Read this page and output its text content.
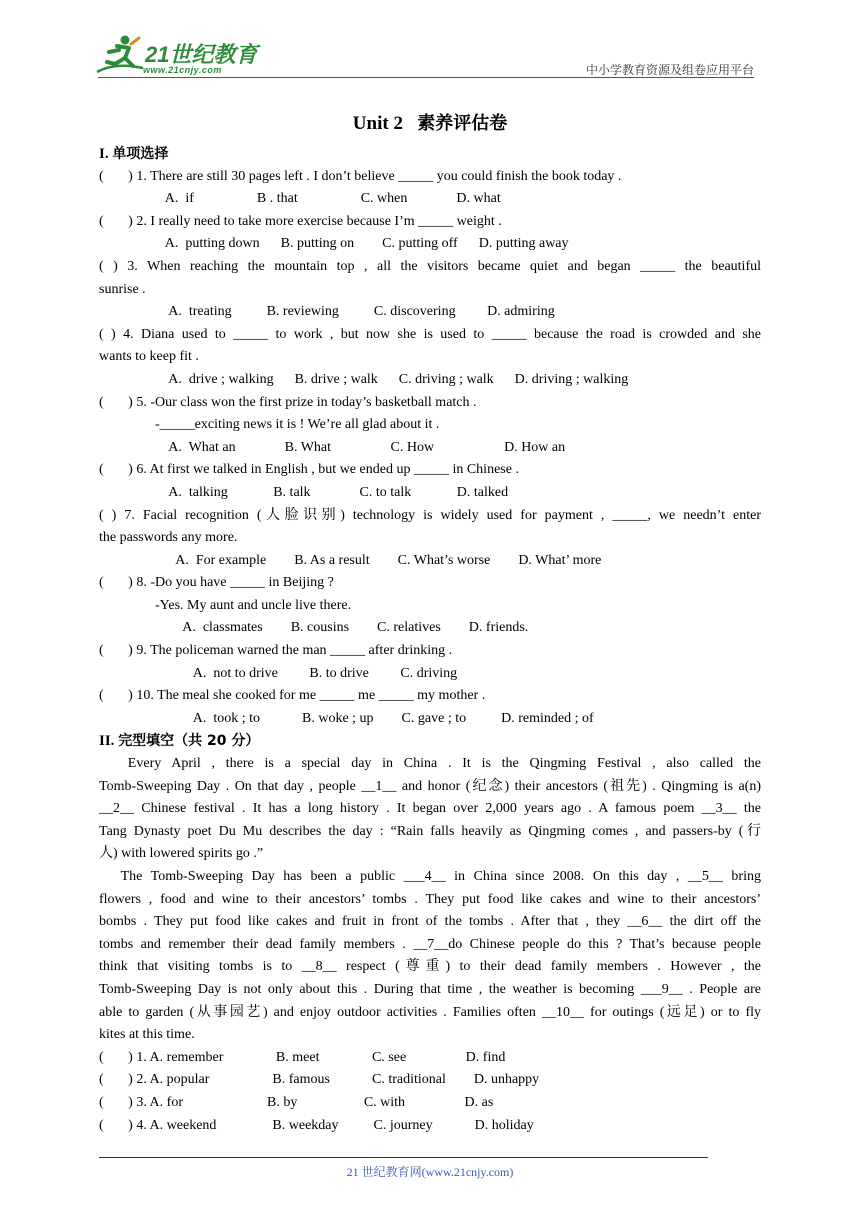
21世纪教育
www.21cnjy.com	中小学教育资源及组卷应用平台
Unit 2 素养评估卷
I. 单项选择
(       ) 1. There are still 30 pages left . I don’t believe _____ you could finish the book today .
A.  if                  B . that                  C. when              D. what
(       ) 2. I really need to take more exercise because I’m _____ weight .
A.  putting down      B. putting on        C. putting off      D. putting away
( ) 3. When reaching the mountain top , all the visitors became quiet and began _____ the beautiful
sunrise .
A.  treating          B. reviewing          C. discovering         D. admiring
( ) 4. Diana used to _____ to work , but now she is used to _____ because the road is crowded and she
wants to keep fit .
A.  drive ; walking      B. drive ; walk      C. driving ; walk      D. driving ; walking
(       ) 5. -Our class won the first prize in today’s basketball match .
-_____exciting news it is ! We’re all glad about it .
A.  What an              B. What                 C. How                    D. How an
(       ) 6. At first we talked in English , but we ended up _____ in Chinese .
A.  talking             B. talk              C. to talk             D. talked
( ) 7. Facial recognition (人脸识别) technology is widely used for payment , _____, we needn’t enter
the passwords any more.
A.  For example        B. As a result        C. What’s worse        D. What’ more
(       ) 8. -Do you have _____ in Beijing ?
-Yes. My aunt and uncle live there.
A.  classmates        B. cousins        C. relatives        D. friends.
(       ) 9. The policeman warned the man _____ after drinking .
A.  not to drive         B. to drive         C. driving
(       ) 10. The meal she cooked for me _____ me _____ my mother .
A.  took ; to            B. woke ; up        C. gave ; to          D. reminded ; of
II. 完型填空（共 20 分）
Every April , there is a special day in China . It is the Qingming Festival , also called the
Tomb-Sweeping Day . On that day , people __1__ and honor (纪念) their ancestors (祖先) . Qingming is a(n)
__2__ Chinese festival . It has a long history . It began over 2,000 years ago . A famous poem __3__ the
Tang Dynasty poet Du Mu describes the day : “Rain falls heavily as Qingming comes , and passers-by (行
人) with lowered spirits go .”
The Tomb-Sweeping Day has been a public ___4__ in China since 2008. On this day , __5__ bring
flowers , food and wine to their ancestors’ tombs . They put food like cakes and wine to their ancestors’
bombs . They put food like cakes and fruit in front of the tombs . After that , they __6__ the dirt off the
tombs and remember their dead family members . __7__do Chinese people do this ? That’s because people
think that visiting tombs is to __8__ respect (尊重) to their dead family members . However , the
Tomb-Sweeping Day is not only about this . During that time , the weather is becoming ___9__ . People are
able to garden (从事园艺) and enjoy outdoor activities . Families often __10__ for outings (远足) or to fly
kites at this time.
(       ) 1. A. remember               B. meet               C. see                 D. find
(       ) 2. A. popular                  B. famous            C. traditional        D. unhappy
(       ) 3. A. for                        B. by                   C. with                 D. as
(       ) 4. A. weekend                B. weekday          C. journey            D. holiday
21 世纪教育网(www.21cnjy.com)
